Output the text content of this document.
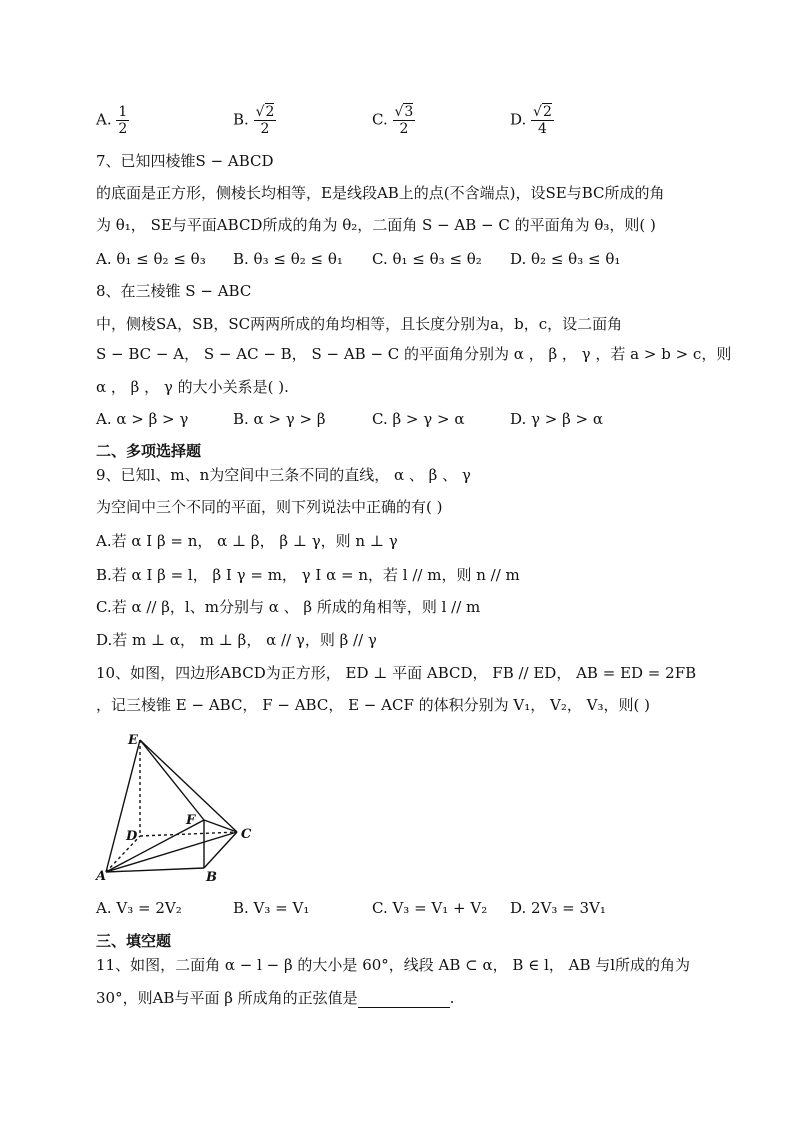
A. $\frac{1}{2}$	B. $\frac{√2}{2}$	C. $\frac{√3}{2}$	D. $\frac{√2}{4}$
7、已知四棱锥S − ABCD
的底面是正方形，侧棱长均相等，E是线段AB上的点(不含端点)，设SE与BC所成的角
为 θ₁， SE与平面ABCD所成的角为 θ₂，二面角 S − AB − C 的平面角为 θ₃，则( )
A. θ₁ ≤ θ₂ ≤ θ₃ B. θ₃ ≤ θ₂ ≤ θ₁ C. θ₁ ≤ θ₃ ≤ θ₂ D. θ₂ ≤ θ₃ ≤ θ₁
8、在三棱锥 S − ABC
中，侧棱SA，SB，SC两两所成的角均相等，且长度分别为a，b，c，设二面角
S − BC − A， S − AC − B， S − AB − C 的平面角分别为 α ， β ， γ ，若 a > b > c，则
α ， β ， γ 的大小关系是( ).
A. α > β > γ	B. α > γ > β	C. β > γ > α	D. γ > β > α
二、多项选择题
9、已知l、m、n为空间中三条不同的直线， α 、 β 、 γ
为空间中三个不同的平面，则下列说法中正确的有( )
A.若 α I β = n， α ⊥ β， β ⊥ γ，则 n ⊥ γ
B.若 α I β = l， β I γ = m， γ I α = n，若 l // m，则 n // m
C.若 α // β，l、m分别与 α 、 β 所成的角相等，则 l // m
D.若 m ⊥ α， m ⊥ β， α // γ，则 β // γ
10、如图，四边形ABCD为正方形， ED ⊥ 平面 ABCD， FB // ED， AB = ED = 2FB
，记三棱锥 E − ABC， F − ABC， E − ACF 的体积分别为 V₁， V₂， V₃，则( )
E
D
F
C
A	B
A. V₃ = 2V₂	B. V₃ = V₁	C. V₃ = V₁ + V₂ D. 2V₃ = 3V₁
三、填空题
11、如图，二面角 α − l − β 的大小是 60°，线段 AB ⊂ α， B ∈ l， AB 与l所成的角为
30°，则AB与平面 β 所成角的正弦值是	.
